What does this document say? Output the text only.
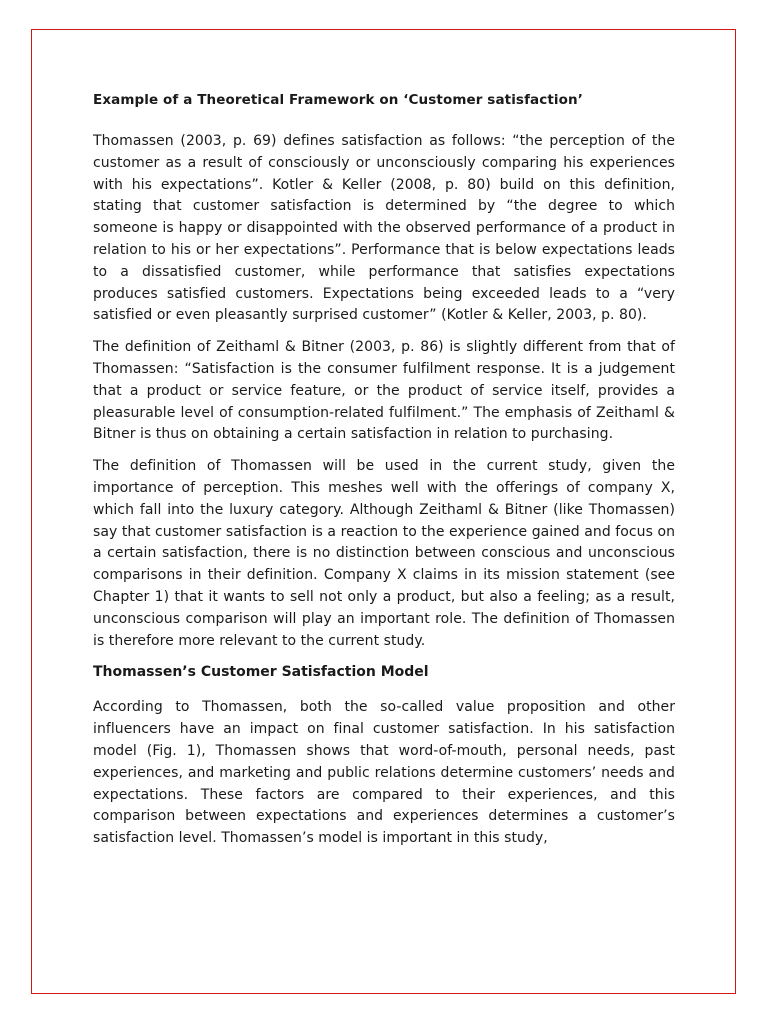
Example of a Theoretical Framework on ‘Customer satisfaction’

Thomassen (2003, p. 69) defines satisfaction as follows: “the perception of the customer as a result of consciously or unconsciously comparing his experiences with his expectations”. Kotler & Keller (2008, p. 80) build on this definition, stating that customer satisfaction is determined by “the degree to which someone is happy or disappointed with the observed performance of a product in relation to his or her expectations”. Performance that is below expectations leads to a dissatisfied customer, while performance that satisfies expectations produces satisfied customers. Expectations being exceeded leads to a “very satisfied or even pleasantly surprised customer” (Kotler & Keller, 2003, p. 80).

The definition of Zeithaml & Bitner (2003, p. 86) is slightly different from that of Thomassen: “Satisfaction is the consumer fulfilment response. It is a judgement that a product or service feature, or the product of service itself, provides a pleasurable level of consumption-related fulfilment.” The emphasis of Zeithaml & Bitner is thus on obtaining a certain satisfaction in relation to purchasing.

The definition of Thomassen will be used in the current study, given the importance of perception. This meshes well with the offerings of company X, which fall into the luxury category. Although Zeithaml & Bitner (like Thomassen) say that customer satisfaction is a reaction to the experience gained and focus on a certain satisfaction, there is no distinction between conscious and unconscious comparisons in their definition. Company X claims in its mission statement (see Chapter 1) that it wants to sell not only a product, but also a feeling; as a result, unconscious comparison will play an important role. The definition of Thomassen is therefore more relevant to the current study.

Thomassen’s Customer Satisfaction Model

According to Thomassen, both the so-called value proposition and other influencers have an impact on final customer satisfaction. In his satisfaction model (Fig. 1), Thomassen shows that word-of-mouth, personal needs, past experiences, and marketing and public relations determine customers’ needs and expectations. These factors are compared to their experiences, and this comparison between expectations and experiences determines a customer’s satisfaction level. Thomassen’s model is important in this study,
